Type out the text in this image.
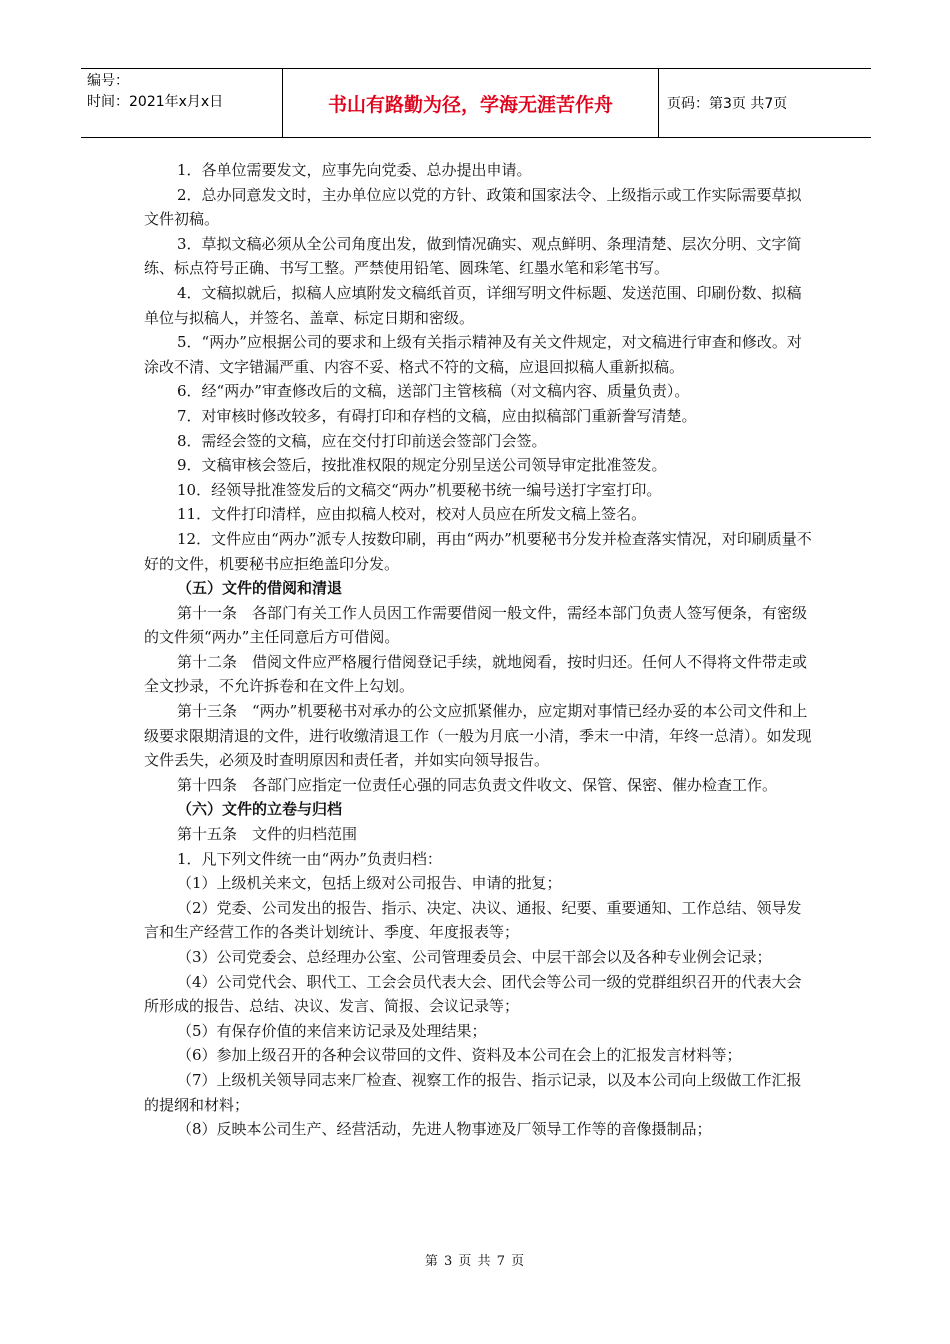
编号：
时间：2021年x月x日	书山有路勤为径，学海无涯苦作舟	页码：第3页 共7页

1．各单位需要发文，应事先向党委、总办提出申请。

2．总办同意发文时，主办单位应以党的方针、政策和国家法令、上级指示或工作实际需要草拟文件初稿。

3．草拟文稿必须从全公司角度出发，做到情况确实、观点鲜明、条理清楚、层次分明、文字简练、标点符号正确、书写工整。严禁使用铅笔、圆珠笔、红墨水笔和彩笔书写。

4．文稿拟就后，拟稿人应填附发文稿纸首页，详细写明文件标题、发送范围、印刷份数、拟稿单位与拟稿人，并签名、盖章、标定日期和密级。

5．“两办”应根据公司的要求和上级有关指示精神及有关文件规定，对文稿进行审查和修改。对涂改不清、文字错漏严重、内容不妥、格式不符的文稿，应退回拟稿人重新拟稿。

6．经“两办”审查修改后的文稿，送部门主管核稿（对文稿内容、质量负责）。

7．对审核时修改较多，有碍打印和存档的文稿，应由拟稿部门重新誊写清楚。

8．需经会签的文稿，应在交付打印前送会签部门会签。

9．文稿审核会签后，按批准权限的规定分别呈送公司领导审定批准签发。

10．经领导批准签发后的文稿交“两办”机要秘书统一编号送打字室打印。

11．文件打印清样，应由拟稿人校对，校对人员应在所发文稿上签名。

12．文件应由“两办”派专人按数印刷，再由“两办”机要秘书分发并检查落实情况，对印刷质量不好的文件，机要秘书应拒绝盖印分发。

（五）文件的借阅和清退

第十一条　各部门有关工作人员因工作需要借阅一般文件，需经本部门负责人签写便条，有密级的文件须“两办”主任同意后方可借阅。

第十二条　借阅文件应严格履行借阅登记手续，就地阅看，按时归还。任何人不得将文件带走或全文抄录，不允许拆卷和在文件上勾划。

第十三条　“两办”机要秘书对承办的公文应抓紧催办，应定期对事情已经办妥的本公司文件和上级要求限期清退的文件，进行收缴清退工作（一般为月底一小清，季末一中清，年终一总清）。如发现文件丢失，必须及时查明原因和责任者，并如实向领导报告。

第十四条　各部门应指定一位责任心强的同志负责文件收文、保管、保密、催办检查工作。

（六）文件的立卷与归档

第十五条　文件的归档范围

1．凡下列文件统一由“两办”负责归档：

（1）上级机关来文，包括上级对公司报告、申请的批复；

（2）党委、公司发出的报告、指示、决定、决议、通报、纪要、重要通知、工作总结、领导发言和生产经营工作的各类计划统计、季度、年度报表等；

（3）公司党委会、总经理办公室、公司管理委员会、中层干部会以及各种专业例会记录；

（4）公司党代会、职代工、工会会员代表大会、团代会等公司一级的党群组织召开的代表大会所形成的报告、总结、决议、发言、简报、会议记录等；

（5）有保存价值的来信来访记录及处理结果；

（6）参加上级召开的各种会议带回的文件、资料及本公司在会上的汇报发言材料等；

（7）上级机关领导同志来厂检查、视察工作的报告、指示记录，以及本公司向上级做工作汇报的提纲和材料；

（8）反映本公司生产、经营活动，先进人物事迹及厂领导工作等的音像摄制品；

第 3 页 共 7 页
